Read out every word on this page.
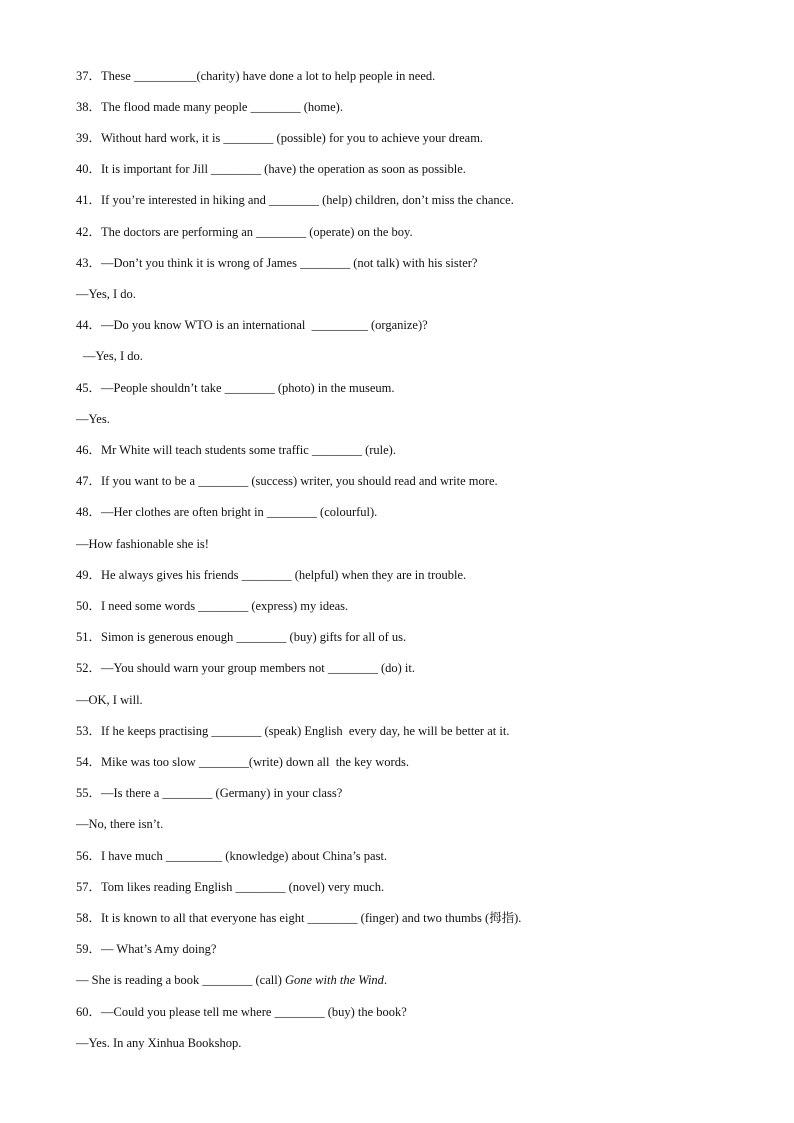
37．These __________(charity) have done a lot to help people in need.
38．The flood made many people ________ (home).
39．Without hard work, it is ________ (possible) for you to achieve your dream.
40．It is important for Jill ________ (have) the operation as soon as possible.
41．If you’re interested in hiking and ________ (help) children, don’t miss the chance.
42．The doctors are performing an ________ (operate) on the boy.
43．—Don’t you think it is wrong of James ________ (not talk) with his sister?
—Yes, I do.
44．—Do you know WTO is an international  _________ (organize)?
—Yes, I do.
45．—People shouldn’t take ________ (photo) in the museum.
—Yes.
46．Mr White will teach students some traffic ________ (rule).
47．If you want to be a ________ (success) writer, you should read and write more.
48．—Her clothes are often bright in ________ (colourful).
—How fashionable she is!
49．He always gives his friends ________ (helpful) when they are in trouble.
50．I need some words ________ (express) my ideas.
51．Simon is generous enough ________ (buy) gifts for all of us.
52．—You should warn your group members not ________ (do) it.
—OK, I will.
53．If he keeps practising ________ (speak) English  every day, he will be better at it.
54．Mike was too slow ________(write) down all  the key words.
55．—Is there a ________ (Germany) in your class?
—No, there isn’t.
56．I have much _________ (knowledge) about China’s past.
57．Tom likes reading English ________ (novel) very much.
58．It is known to all that everyone has eight ________ (finger) and two thumbs (拇指).
59．— What’s Amy doing?
— She is reading a book ________ (call) Gone with the Wind.
60．—Could you please tell me where ________ (buy) the book?
—Yes. In any Xinhua Bookshop.
